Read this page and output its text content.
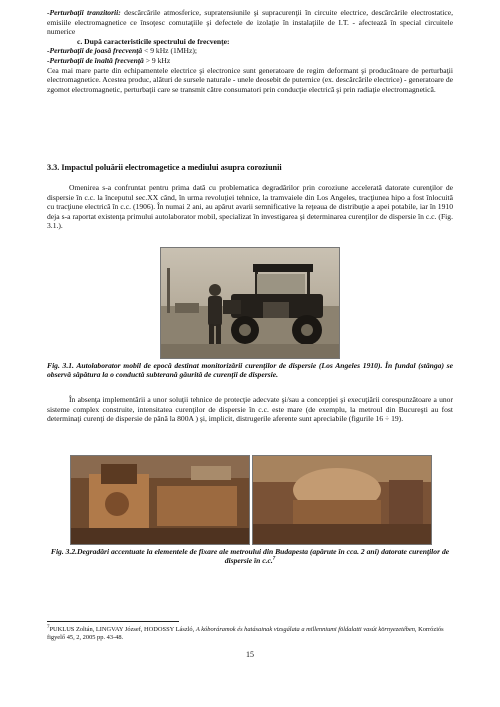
-Perturbaţii tranzitorii: descărcările atmosferice, supratensiunile şi supracurenţii în circuite electrice, descărcările electrostatice, emisiile electromagnetice ce însoţesc comutaţiile şi defectele de izolaţie în instalaţiile de I.T. - afectează în special circuitele numerice

c. După caracteristicile spectrului de frecvenţe:

-Perturbaţii de joasă frecvenţă < 9 kHz (1MHz);

-Perturbaţii de înaltă frecvenţă > 9 kHz

Cea mai mare parte din echipamentele electrice şi electronice sunt generatoare de regim deformant şi producătoare de perturbaţii electromagnetice. Acestea produc, alături de sursele naturale - unele deosebit de puternice (ex. descărcările electrice) - generatoare de zgomot electromagnetic, perturbaţii care se transmit către consumatori prin conducţie electrică şi prin radiaţie electromagnetică.

3.3. Impactul poluării electromagetice a mediului asupra coroziunii
Omenirea s-a confruntat pentru prima dată cu problematica degradărilor prin coroziune accelerată datorate curenţilor de dispersie în c.c. la începutul sec.XX când, în urma revoluţiei tehnice, la tramvaiele din Los Angeles, tracţiunea hipo a fost înlocuită cu tracţiune electrică în c.c. (1906). În numai 2 ani, au apărut avarii semnificative la reţeaua de distribuţie a apei potabile, iar în 1910 deja s-a raportat existenţa primului autolaborator mobil, specializat în investigarea şi determinarea curenţilor de dispersie în c.c. (Fig. 3.1.).
Fig. 3.1. Autolaborator mobil de epocă destinat monitorizării curenţilor de dispersie (Los Angeles 1910). În fundal (stânga) se observă săpătura la o conductă subterană găurită de curenţii de dispersie.
În absenţa implementării a unor soluţii tehnice de protecţie adecvate şi/sau a concepţiei şi execuţiării corespunzătoare a unor sisteme complex construite, intensitatea curenţilor de dispersie în c.c. este mare (de exemplu, la metroul din Bucureşti au fost determinaţi curenţi de dispersie de până la 800A ) şi, implicit, distrugerile aferente sunt apreciabile (figurile 16 ÷ 19).
Fig. 3.2.Degradări accentuate la elementele de fixare ale metroului din Budapesta (apărute în cca. 2 ani) datorate curenţilor de dispersie în c.c.$^7$
$^7$PUKLUS Zoltán, LINGVAY József, HODOSSY László, A kóboráramok és hatásainak vizsgálata a millenniumi földalatti vasút környezetében, Korróziós figyelő 45, 2, 2005 pp. 43-48.
15
